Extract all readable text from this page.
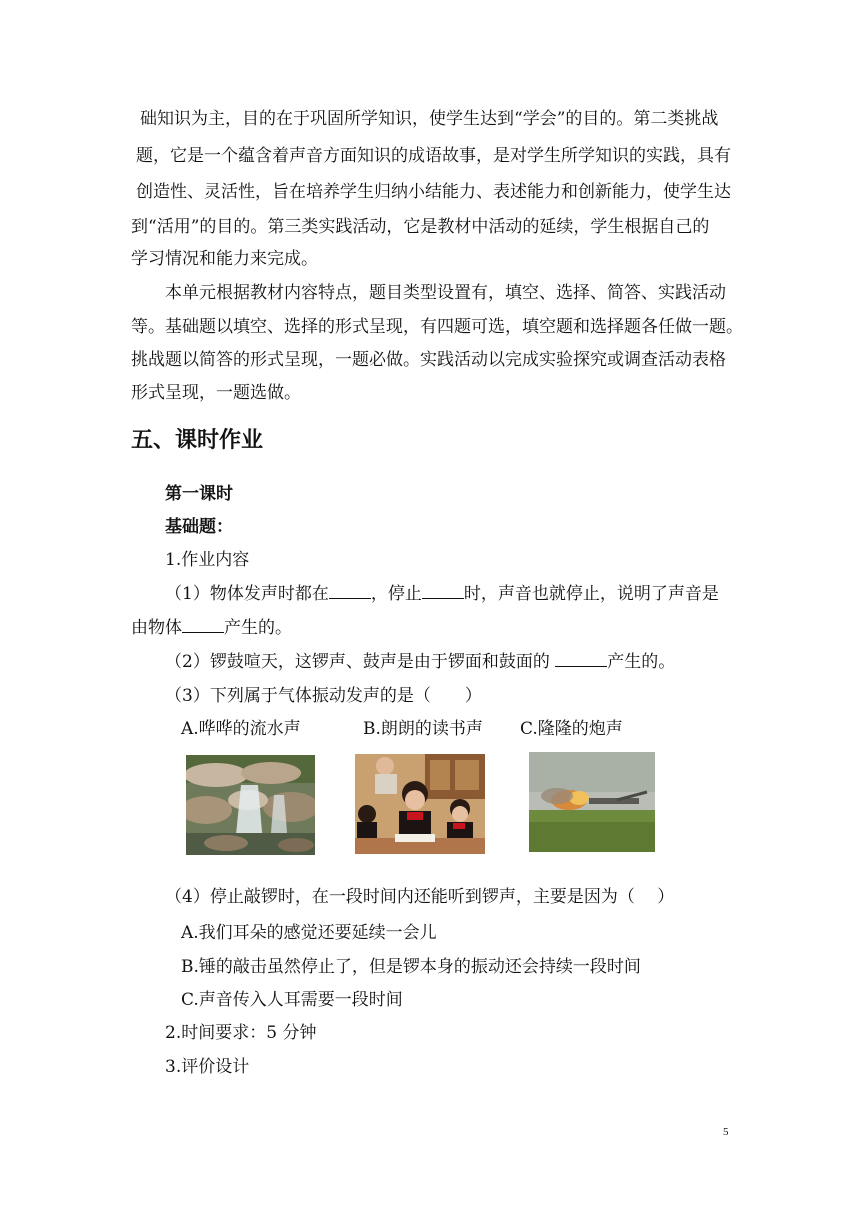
础知识为主，目的在于巩固所学知识，使学生达到“学会”的目的。第二类挑战
题，它是一个蕴含着声音方面知识的成语故事，是对学生所学知识的实践，具有
创造性、灵活性，旨在培养学生归纳小结能力、表述能力和创新能力，使学生达
到“活用”的目的。第三类实践活动，它是教材中活动的延续，学生根据自己的
学习情况和能力来完成。
本单元根据教材内容特点，题目类型设置有，填空、选择、简答、实践活动
等。基础题以填空、选择的形式呈现，有四题可选，填空题和选择题各任做一题。
挑战题以简答的形式呈现，一题必做。实践活动以完成实验探究或调查活动表格
形式呈现，一题选做。
五、课时作业
第一课时
基础题：
1.作业内容
（1）物体发声时都在 ，停止 时，声音也就停止，说明了声音是
由物体 产生的。
（2）锣鼓喧天，这锣声、鼓声是由于锣面和鼓面的	产生的。
（3）下列属于气体振动发声的是（　　）
A.哗哗的流水声	B.朗朗的读书声 C.隆隆的炮声
（4）停止敲锣时，在一段时间内还能听到锣声，主要是因为（　 ）
A.我们耳朵的感觉还要延续一会儿
B.锤的敲击虽然停止了，但是锣本身的振动还会持续一段时间
C.声音传入人耳需要一段时间
2.时间要求：5 分钟
3.评价设计
5
